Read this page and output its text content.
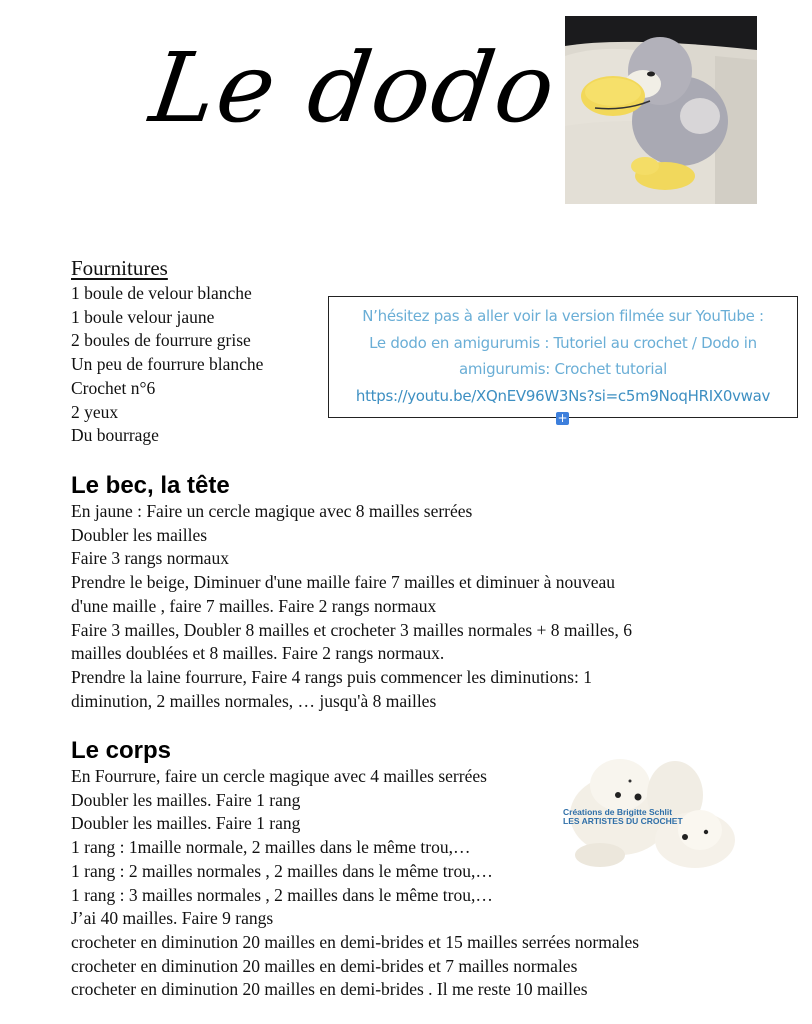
Le dodo
Fournitures
1 boule de velour blanche
1 boule velour jaune
2 boules de fourrure grise
Un peu de fourrure blanche
Crochet n°6
2 yeux
Du bourrage
N’hésitez pas à aller voir la version filmée sur YouTube :
Le dodo en amigurumis : Tutoriel au crochet / Dodo in
amigurumis: Crochet tutorial
https://youtu.be/XQnEV96W3Ns?si=c5m9NoqHRIX0vwav
+
Le bec, la tête
En jaune : Faire un cercle magique avec 8 mailles serrées
Doubler les mailles
Faire 3 rangs normaux
Prendre le beige, Diminuer d'une maille faire 7 mailles et diminuer à nouveau
d'une maille , faire 7 mailles. Faire 2 rangs normaux
Faire 3 mailles, Doubler 8 mailles et crocheter 3 mailles normales + 8 mailles, 6
mailles doublées et 8 mailles. Faire 2 rangs normaux.
Prendre la laine fourrure, Faire 4 rangs puis commencer les diminutions: 1
diminution, 2 mailles normales, … jusqu'à 8 mailles
Le corps
En Fourrure, faire un cercle magique avec 4 mailles serrées
Doubler les mailles. Faire 1 rang
Doubler les mailles. Faire 1 rang
1 rang : 1maille normale, 2 mailles dans le même trou,…
1 rang : 2 mailles normales , 2 mailles dans le même trou,…
1 rang : 3 mailles normales , 2 mailles dans le même trou,…
J’ai 40 mailles. Faire 9 rangs
crocheter en diminution 20 mailles en demi-brides et 15 mailles serrées normales
crocheter en diminution 20 mailles en demi-brides et 7 mailles normales
crocheter en diminution 20 mailles en demi-brides . Il me reste 10 mailles
Créations de Brigitte Schlit
LES ARTISTES DU CROCHET
